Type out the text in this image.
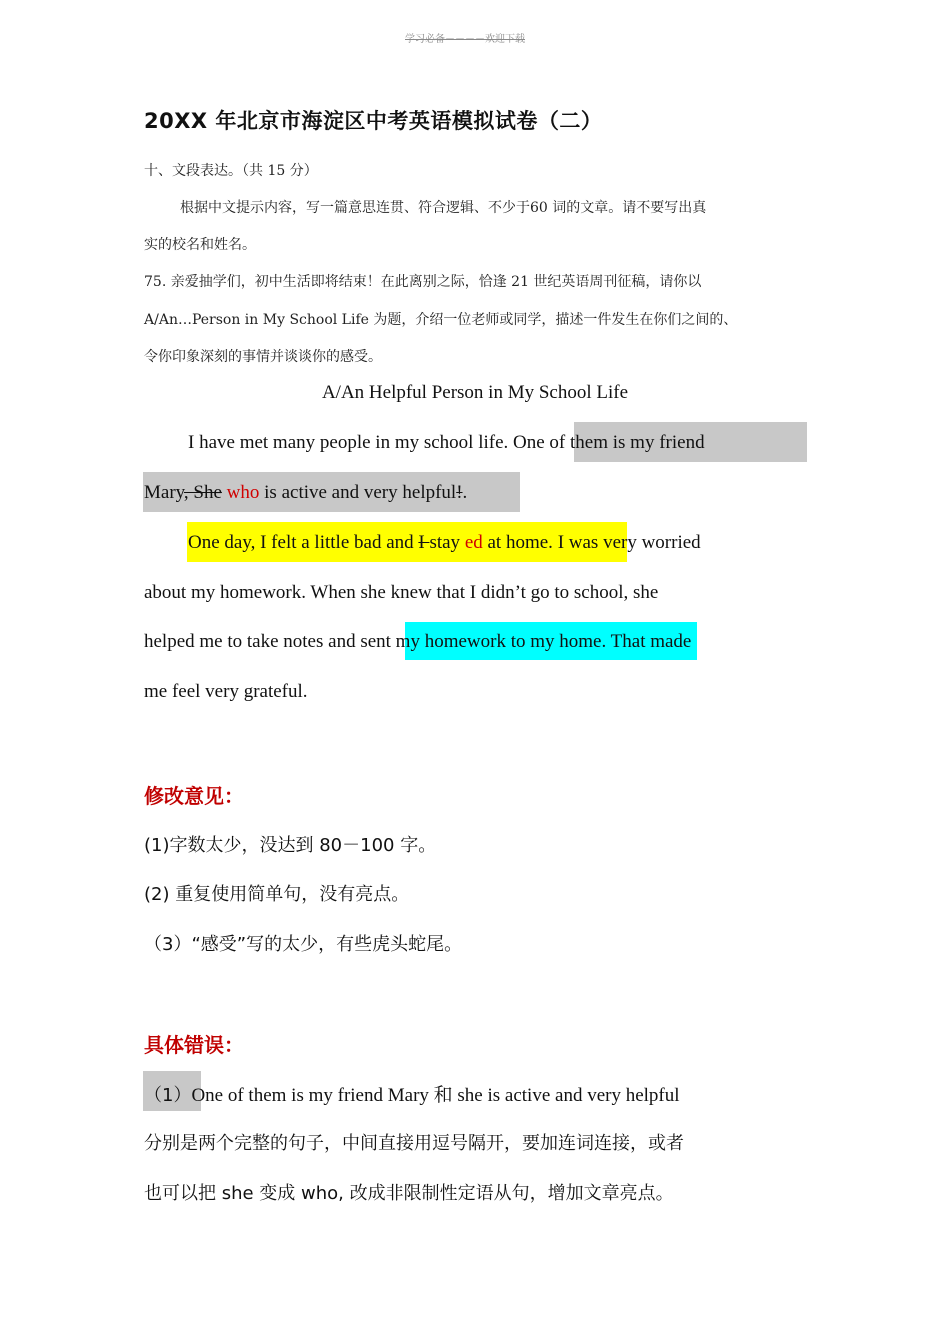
学习必备－－－－欢迎下载
20XX 年北京市海淀区中考英语模拟试卷（二）
十、文段表达。（共 15 分）
根据中文提示内容，写一篇意思连贯、符合逻辑、不少于60 词的文章。请不要写出真
实的校名和姓名。
75. 亲爱抽学们，初中生活即将结束！在此离别之际，恰逢 21 世纪英语周刊征稿，请你以
A/An…Person in My School Life 为题，介绍一位老师或同学，描述一件发生在你们之间的、
令你印象深刻的事情并谈谈你的感受。
A/An Helpful Person in My School Life
I have met many people in my school life. One of them is my friend
Mary, She who is active and very helpful!.
One day, I felt a little bad and I stay ed at home. I was very worried
about my homework. When she knew that I didn’t go to school, she
helped me to take notes and sent my homework to my home. That made
me feel very grateful.
修改意见：
(1)字数太少，没达到 80－100 字。
(2) 重复使用简单句，没有亮点。
（3）“感受”写的太少，有些虎头蛇尾。
具体错误：
（1）One of them is my friend Mary 和 she is active and very helpful
分别是两个完整的句子，中间直接用逗号隔开，要加连词连接，或者
也可以把 she 变成 who, 改成非限制性定语从句，增加文章亮点。
